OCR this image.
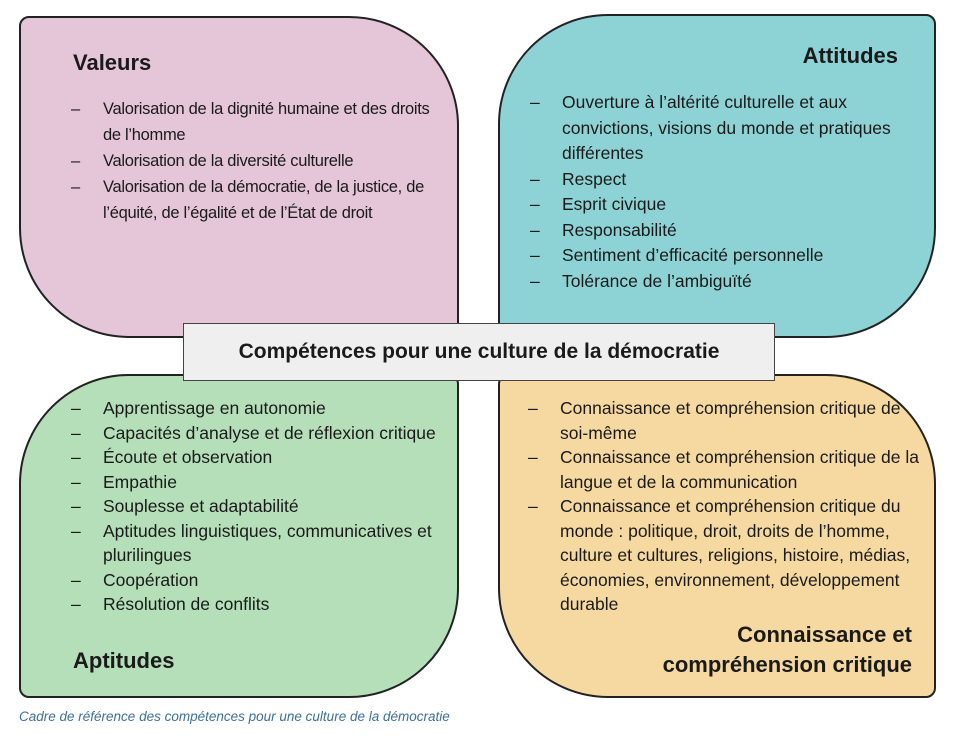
Valeurs
– Valorisation de la dignité humaine et des droits de l’homme
– Valorisation de la diversité culturelle
– Valorisation de la démocratie, de la justice, de l’équité, de l’égalité et de l’État de droit
Attitudes
– Ouverture à l’altérité culturelle et aux convictions, visions du monde et pratiques différentes
– Respect
– Esprit civique
– Responsabilité
– Sentiment d’efficacité personnelle
– Tolérance de l’ambiguïté
– Apprentissage en autonomie
– Capacités d’analyse et de réflexion critique
– Écoute et observation
– Empathie
– Souplesse et adaptabilité
– Aptitudes linguistiques, communicatives et plurilingues
– Coopération
– Résolution de conflits
Aptitudes
– Connaissance et compréhension critique de soi-même
– Connaissance et compréhension critique de la langue et de la communication
– Connaissance et compréhension critique du monde : politique, droit, droits de l’homme, culture et cultures, religions, histoire, médias, économies, environnement, développement durable
Connaissance et compréhension critique
Compétences pour une culture de la démocratie
Cadre de référence des compétences pour une culture de la démocratie
